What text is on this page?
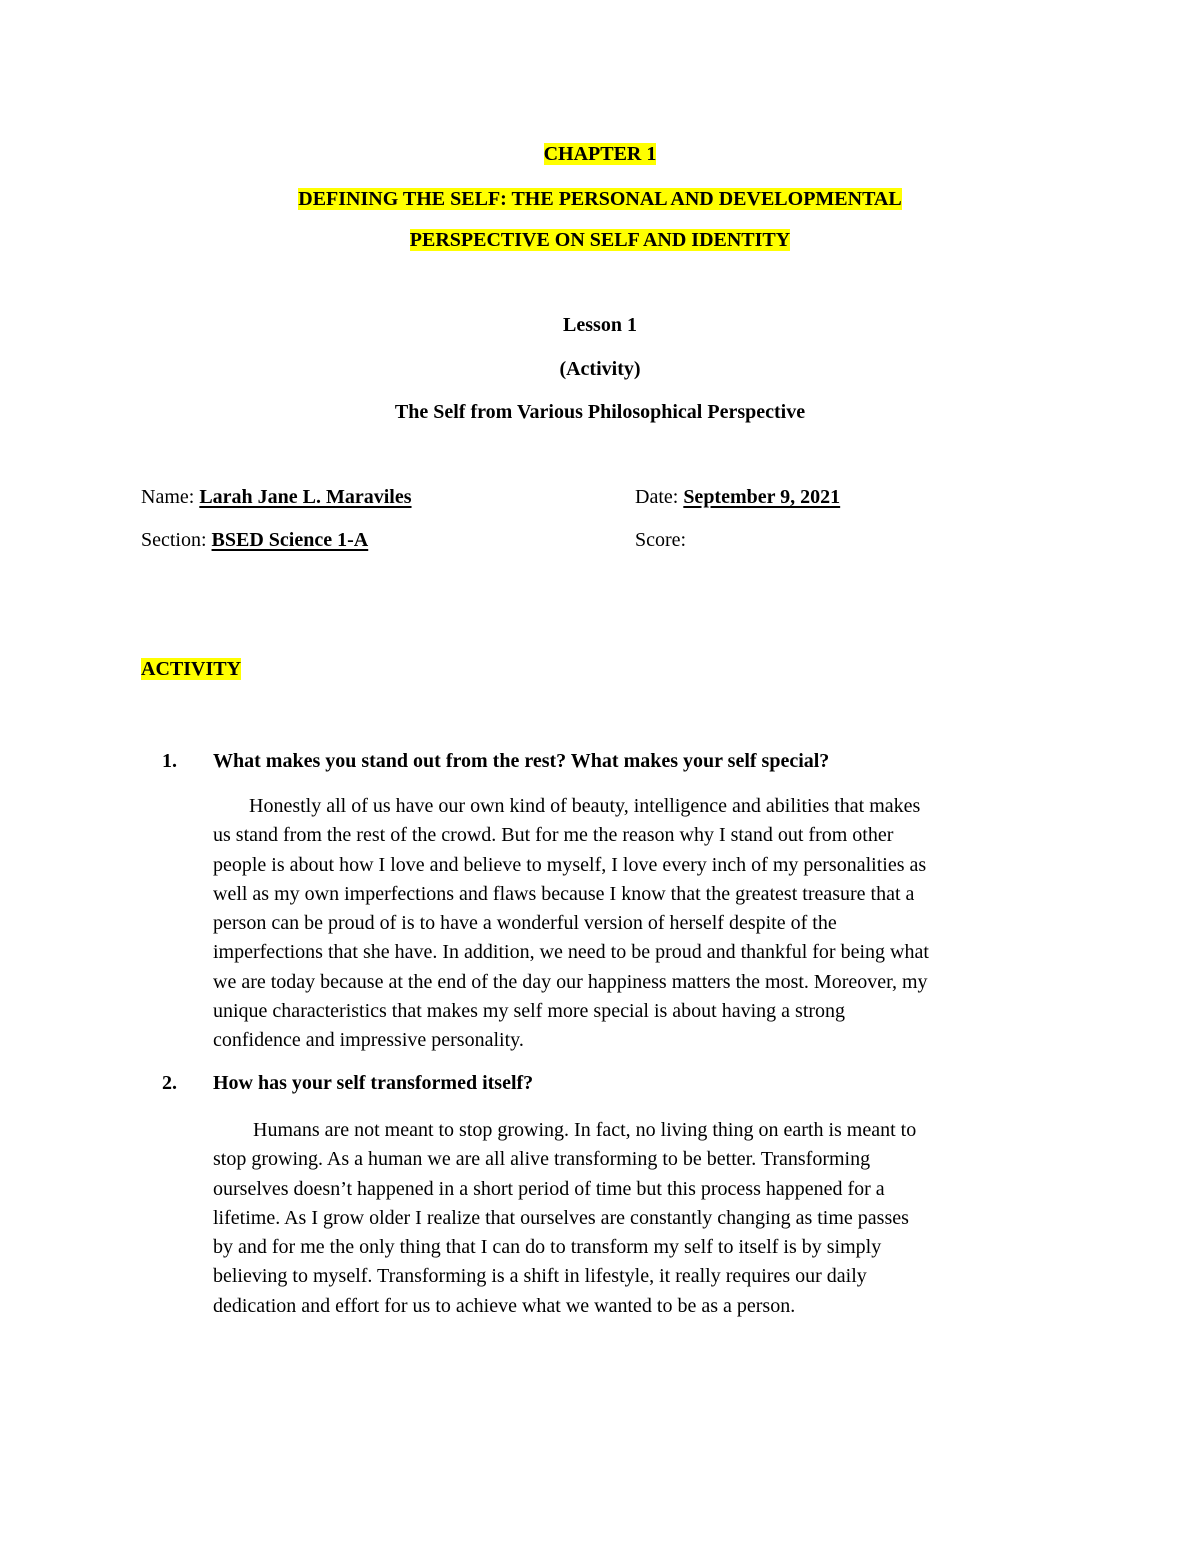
CHAPTER 1
DEFINING THE SELF: THE PERSONAL AND DEVELOPMENTAL
PERSPECTIVE ON SELF AND IDENTITY
Lesson 1
(Activity)
The Self from Various Philosophical Perspective
Name: Larah Jane L. Maraviles	Date: September 9, 2021
Section: BSED Science 1-A	Score:
ACTIVITY
1. What makes you stand out from the rest? What makes your self special?
Honestly all of us have our own kind of beauty, intelligence and abilities that makes
us stand from the rest of the crowd. But for me the reason why I stand out from other
people is about how I love and believe to myself, I love every inch of my personalities as
well as my own imperfections and flaws because I know that the greatest treasure that a
person can be proud of is to have a wonderful version of herself despite of the
imperfections that she have. In addition, we need to be proud and thankful for being what
we are today because at the end of the day our happiness matters the most. Moreover, my
unique characteristics that makes my self more special is about having a strong
confidence and impressive personality.
2. How has your self transformed itself?
Humans are not meant to stop growing. In fact, no living thing on earth is meant to
stop growing. As a human we are all alive transforming to be better. Transforming
ourselves doesn’t happened in a short period of time but this process happened for a
lifetime. As I grow older I realize that ourselves are constantly changing as time passes
by and for me the only thing that I can do to transform my self to itself is by simply
believing to myself. Transforming is a shift in lifestyle, it really requires our daily
dedication and effort for us to achieve what we wanted to be as a person.
